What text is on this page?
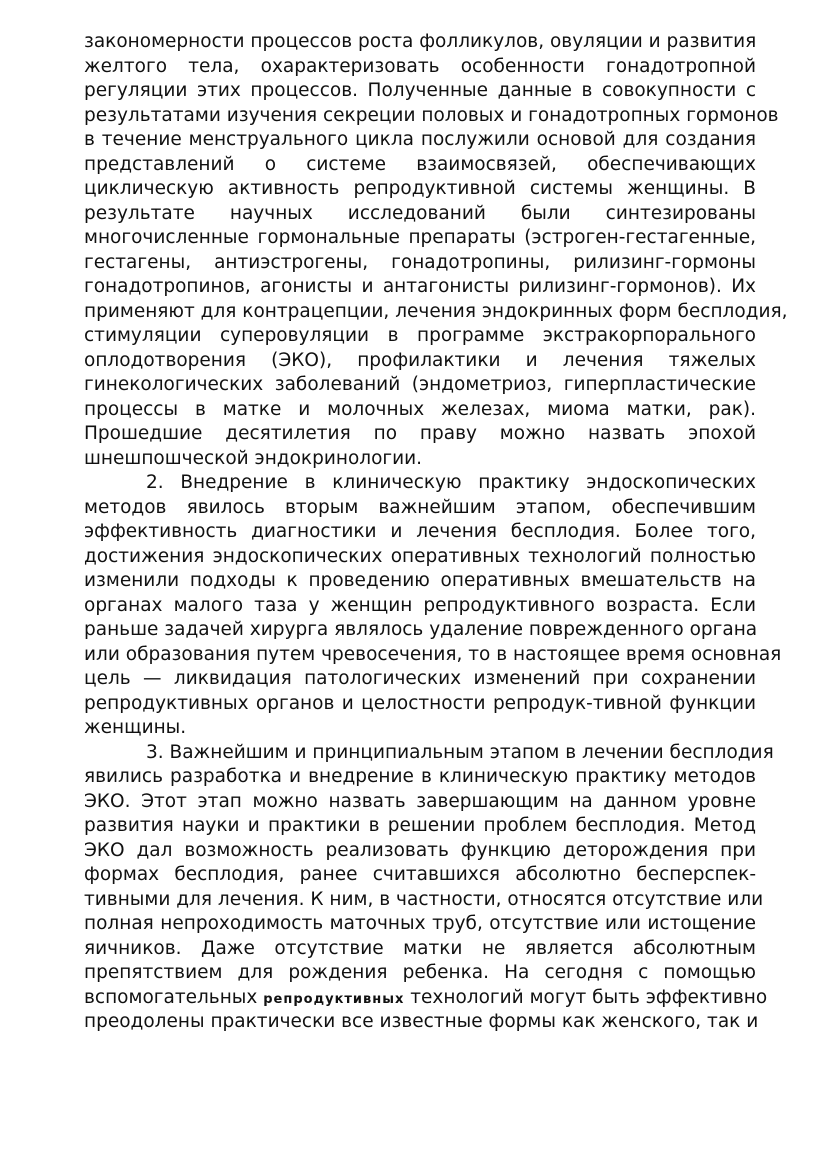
закономерности процессов роста фолликулов, овуляции и развития
желтого тела, охарактеризовать особенности гонадотропной
регуляции этих процессов. Полученные данные в совокупности с
результатами изучения секреции половых и гонадотропных гормонов
в течение менструального цикла послужили основой для создания
представлений о системе взаимосвязей, обеспечивающих
циклическую активность репродуктивной системы женщины. В
результате научных исследований были синтезированы
многочисленные гормональные препараты (эстроген-гестагенные,
гестагены, антиэстрогены, гонадотропины, рилизинг-гормоны
гонадотропинов, агонисты и антагонисты рилизинг-гормонов). Их
применяют для контрацепции, лечения эндокринных форм бесплодия,
стимуляции суперовуляции в программе экстракорпорального
оплодотворения (ЭКО), профилактики и лечения тяжелых
гинекологических заболеваний (эндометриоз, гиперпластические
процессы в матке и молочных железах, миома матки, рак).
Прошедшие десятилетия по праву можно назвать эпохой
шнешпошческой эндокринологии.
2. Внедрение в клиническую практику эндоскопических
методов явилось вторым важнейшим этапом, обеспечившим
эффективность диагностики и лечения бесплодия. Более того,
достижения эндоскопических оперативных технологий полностью
изменили подходы к проведению оперативных вмешательств на
органах малого таза у женщин репродуктивного возраста. Если
раньше задачей хирурга являлось удаление поврежденного органа
или образования путем чревосечения, то в настоящее время основная
цель — ликвидация патологических изменений при сохранении
репродуктивных органов и целостности репродук-тивной функции
женщины.
3. Важнейшим и принципиальным этапом в лечении бесплодия
явились разработка и внедрение в клиническую практику методов
ЭКО. Этот этап можно назвать завершающим на данном уровне
развития науки и практики в решении проблем бесплодия. Метод
ЭКО дал возможность реализовать функцию деторождения при
формах бесплодия, ранее считавшихся абсолютно бесперспек-
тивными для лечения. К ним, в частности, относятся отсутствие или
полная непроходимость маточных труб, отсутствие или истощение
яичников. Даже отсутствие матки не является абсолютным
препятствием для рождения ребенка. На сегодня с помощью
вспомогательных репродуктивных технологий могут быть эффективно
преодолены практически все известные формы как женского, так и
